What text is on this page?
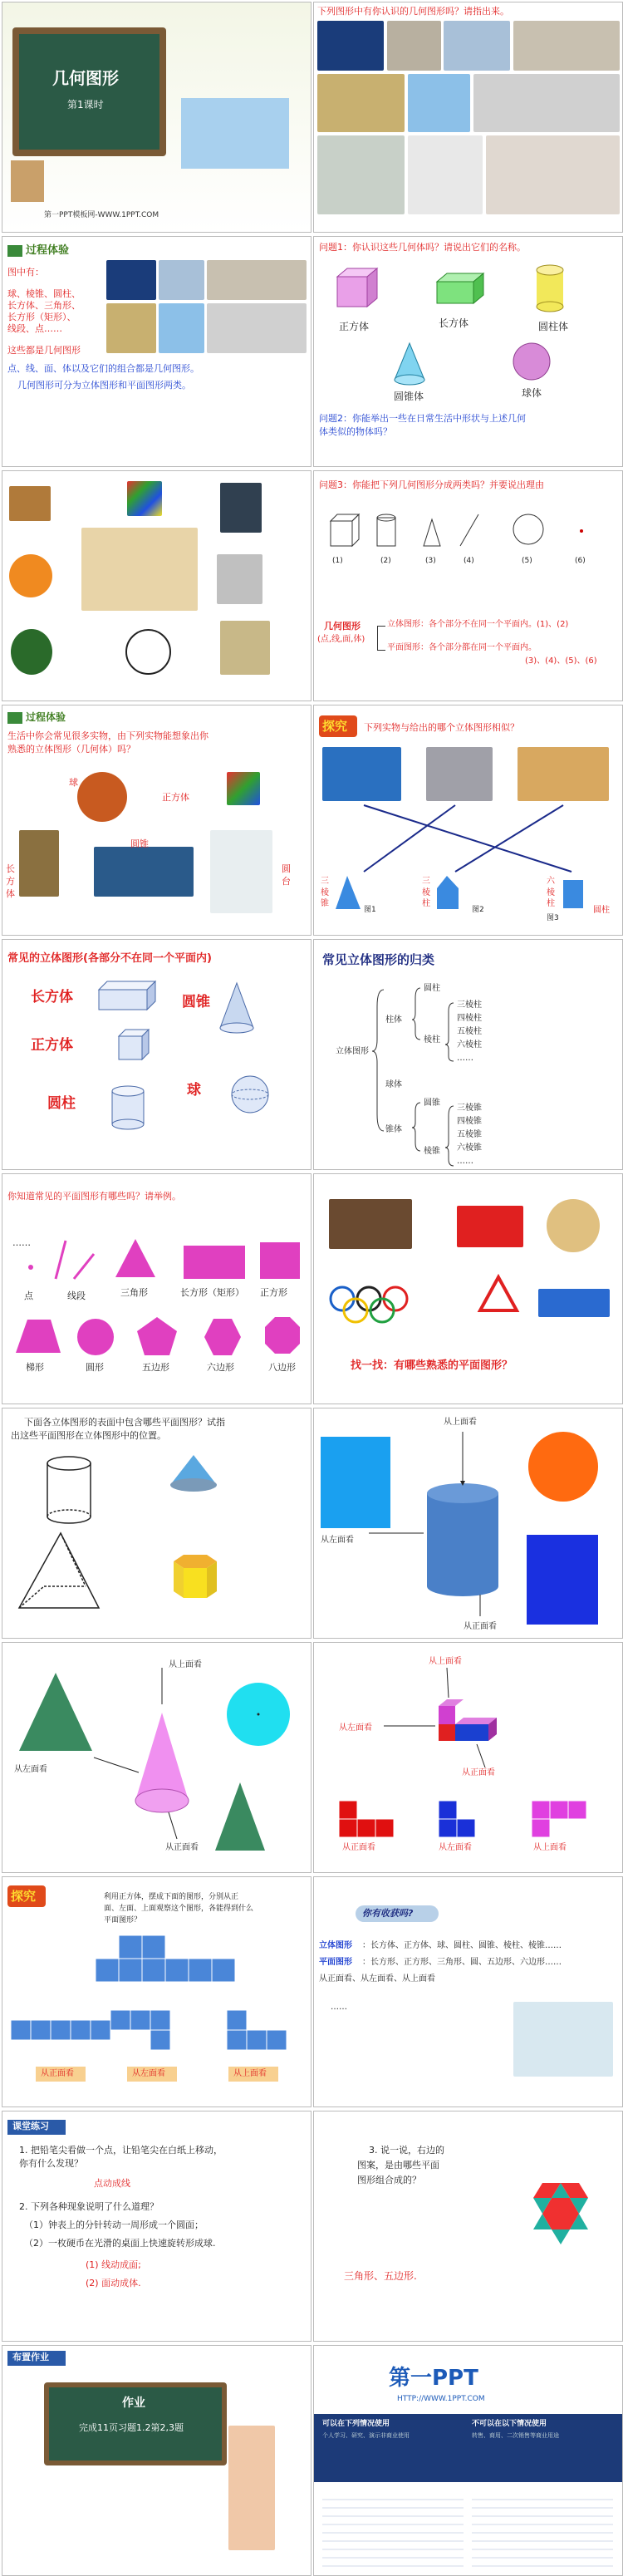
几何图形
第1课时
第一PPT模板网-WWW.1PPT.COM
下列图形中有你认识的几何图形吗？请指出来。
过程体验
图中有：
球、棱锥、圆柱、
长方体、三角形、
长方形（矩形）、
线段、点……
这些都是几何图形
点、线、面、体以及它们的组合都是几何图形。
几何图形可分为立体图形和平面图形两类。
问题1：你认识这些几何体吗？请说出它们的名称。
正方体	长方体	圆柱体
圆锥体	球体
问题2：你能举出一些在日常生活中形状与上述几何
体类似的物体吗？
问题3：你能把下列几何图形分成两类吗？并要说出理由
(1)	(2)	(3)	(4)	(5)	(6)
几何图形
(点,线,面,体)
立体图形：各个部分不在同一个平面内。(1)、(2)
平面图形：各个部分都在同一个平面内。
(3)、(4)、(5)、(6)
过程体验
生活中你会常见很多实物，由下列实物能想象出你
熟悉的立体图形（几何体）吗？
球
正方体
圆锥
长方体
圆台
探究 下列实物与给出的哪个立体图形相似？
三棱锥
三棱柱
六棱柱
圆柱
图1	图2
图3
常见的立体图形(各部分不在同一个平面内)
长方体	圆锥
正方体
圆柱
球
常见立体图形的归类
立体图形
柱体
圆柱
棱柱
三棱柱
四棱柱
五棱柱
六棱柱
……
球体
锥体
圆锥
棱锥
三棱锥
四棱锥
五棱锥
六棱锥
……
你知道常见的平面图形有哪些吗？请举例。
……
点	线段	三角形	长方形（矩形） 正方形
梯形	圆形	五边形	六边形	八边形	找一找：有哪些熟悉的平面图形？
下面各立体图形的表面中包含哪些平面图形？试指
出这些平面图形在立体图形中的位置。
从上面看
从左面看
从正面看
从上面看
从左面看
从正面看
从上面看
从左面看
从正面看
从正面看	从左面看	从上面看
探究	利用正方体，摆成下面的图形，分别从正
面、左面、上面观察这个图形，各能得到什么
平面图形？
从正面看	从左面看	从上面看
你有收获吗?
立体图形 ：长方体、正方体、球、圆柱、圆锥、棱柱、棱锥……
平面图形 ：长方形、正方形、三角形、圆、五边形、六边形……
从正面看、从左面看、从上面看
……
课堂练习
1. 把铅笔尖看做一个点，让铅笔尖在白纸上移动，
你有什么发现？
点动成线
2. 下列各种现象说明了什么道理？
（1）钟表上的分针转动一周形成一个圆面；
（2）一枚硬币在光滑的桌面上快速旋转形成球.
(1) 线动成面;
(2) 面动成体.
3. 说一说，右边的
图案，是由哪些平面
图形组合成的？
三角形、五边形.
布置作业
作业
完成11页习题1.2第2,3题
第一PPT
HTTP://WWW.1PPT.COM
可以在下列情况使用
个人学习、研究、演示非商业使用
不可以在以下情况使用
转售、商用、二次销售等商业用途
